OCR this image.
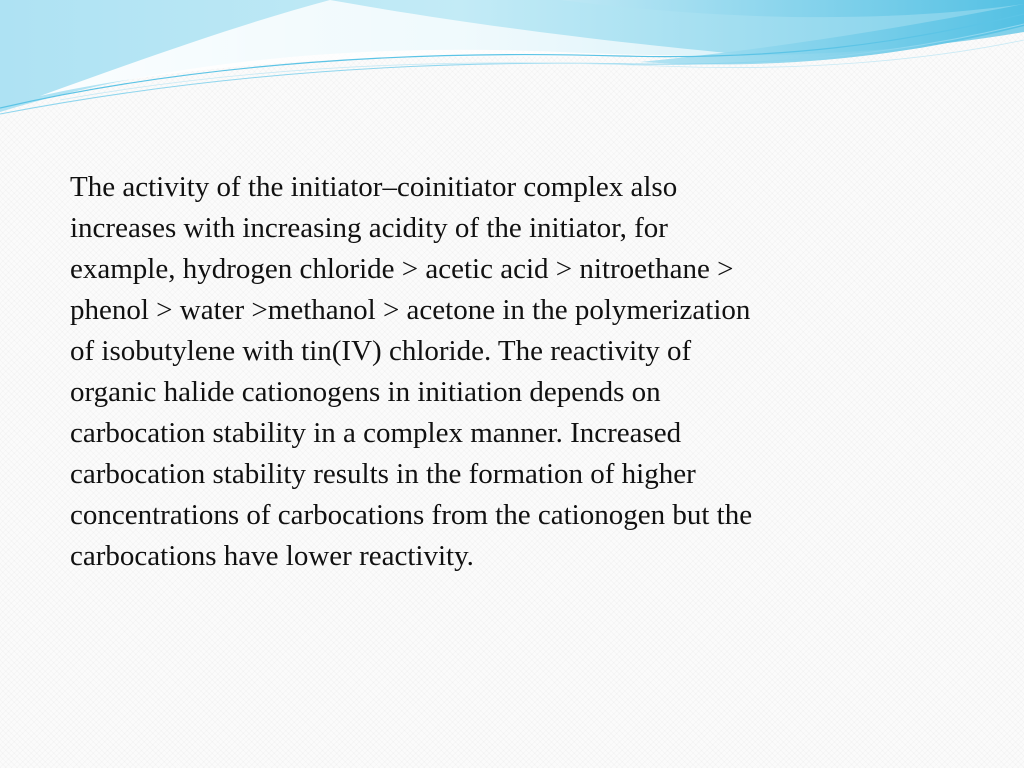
The activity of the initiator–coinitiator complex also
increases with increasing acidity of the initiator, for
example, hydrogen chloride > acetic acid > nitroethane >
phenol > water >methanol > acetone in the polymerization
of isobutylene with tin(IV) chloride. The reactivity of
organic halide cationogens in initiation depends on
carbocation stability in a complex manner. Increased
carbocation stability results in the formation of higher
concentrations of carbocations from the cationogen but the
carbocations have lower reactivity.
